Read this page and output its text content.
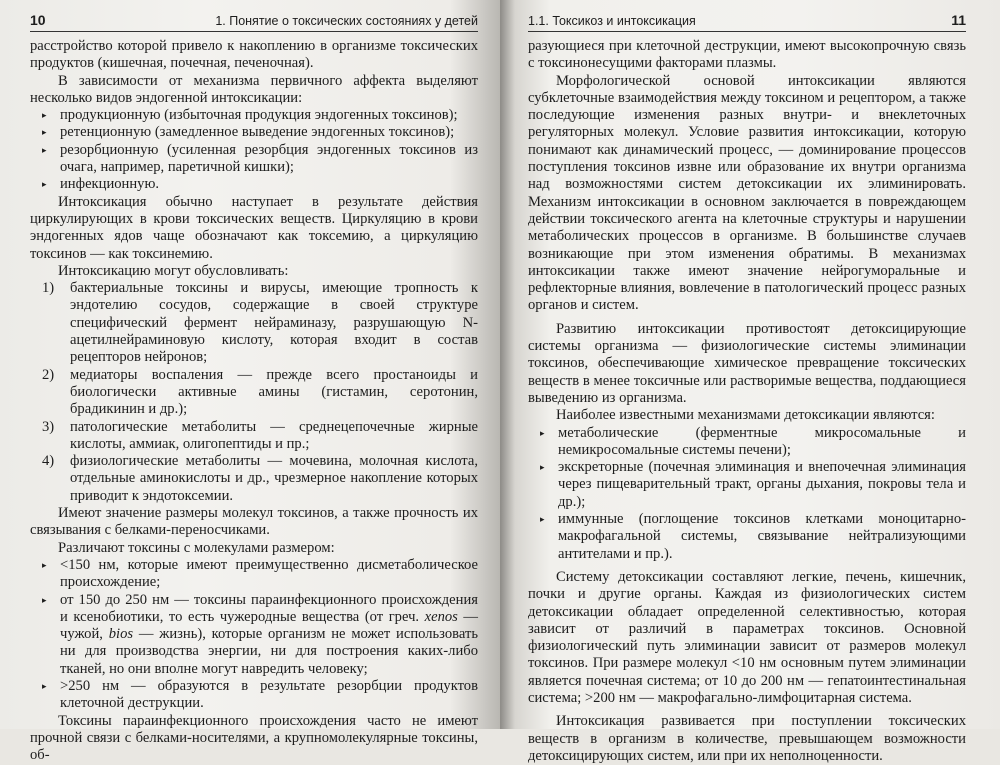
10	1. Понятие о токсических состояниях у детей

расстройство которой привело к накоплению в организме токсических продуктов (кишечная, почечная, печеночная).

В зависимости от механизма первичного аффекта выделяют несколько видов эндогенной интоксикации:

▸ продукционную (избыточная продукция эндогенных токсинов);
▸ ретенционную (замедленное выведение эндогенных токсинов);
▸ резорбционную (усиленная резорбция эндогенных токсинов из очага, например, паретичной кишки);
▸ инфекционную.

Интоксикация обычно наступает в результате действия циркулирующих в крови токсических веществ. Циркуляцию в крови эндогенных ядов чаще обозначают как токсемию, а циркуляцию токсинов — как токсинемию.

Интоксикацию могут обусловливать:

1) бактериальные токсины и вирусы, имеющие тропность к эндотелию сосудов, содержащие в своей структуре специфический фермент нейраминазу, разрушающую N-ацетилнейраминовую кислоту, которая входит в состав рецепторов нейронов;
2) медиаторы воспаления — прежде всего простаноиды и биологически активные амины (гистамин, серотонин, брадикинин и др.);
3) патологические метаболиты — среднецепочечные жирные кислоты, аммиак, олигопептиды и пр.;
4) физиологические метаболиты — мочевина, молочная кислота, отдельные аминокислоты и др., чрезмерное накопление которых приводит к эндотоксемии.

Имеют значение размеры молекул токсинов, а также прочность их связывания с белками-переносчиками.

Различают токсины с молекулами размером:

▸ <150 нм, которые имеют преимущественно дисметаболическое происхождение;
▸ от 150 до 250 нм — токсины параинфекционного происхождения и ксенобиотики, то есть чужеродные вещества (от греч. xenos — чужой, bios — жизнь), которые организм не может использовать ни для производства энергии, ни для построения каких-либо тканей, но они вполне могут навредить человеку;
▸ >250 нм — образуются в результате резорбции продуктов клеточной деструкции.

Токсины параинфекционного происхождения часто не имеют прочной связи с белками-носителями, а крупномолекулярные токсины, об-

1.1. Токсикоз и интоксикация	11

разующиеся при клеточной деструкции, имеют высокопрочную связь с токсинонесущими факторами плазмы.

Морфологической основой интоксикации являются субклеточные взаимодействия между токсином и рецептором, а также последующие изменения разных внутри- и внеклеточных регуляторных молекул. Условие развития интоксикации, которую понимают как динамический процесс, — доминирование процессов поступления токсинов извне или образование их внутри организма над возможностями систем детоксикации их элиминировать. Механизм интоксикации в основном заключается в повреждающем действии токсического агента на клеточные структуры и нарушении метаболических процессов в организме. В большинстве случаев возникающие при этом изменения обратимы. В механизмах интоксикации также имеют значение нейрогуморальные и рефлекторные влияния, вовлечение в патологический процесс разных органов и систем.

Развитию интоксикации противостоят детоксицирующие системы организма — физиологические системы элиминации токсинов, обеспечивающие химическое превращение токсических веществ в менее токсичные или растворимые вещества, поддающиеся выведению из организма.

Наиболее известными механизмами детоксикации являются:

▸ метаболические (ферментные микросомальные и немикросомальные системы печени);
▸ экскреторные (почечная элиминация и внепочечная элиминация через пищеварительный тракт, органы дыхания, покровы тела и др.);
▸ иммунные (поглощение токсинов клетками моноцитарно-макрофагальной системы, связывание нейтрализующими антителами и пр.).

Систему детоксикации составляют легкие, печень, кишечник, почки и другие органы. Каждая из физиологических систем детоксикации обладает определенной селективностью, которая зависит от различий в параметрах токсинов. Основной физиологический путь элиминации зависит от размеров молекул токсинов. При размере молекул <10 нм основным путем элиминации является почечная система; от 10 до 200 нм — гепатоинтестинальная система; >200 нм — макрофагально-лимфоцитарная система.

Интоксикация развивается при поступлении токсических веществ в организм в количестве, превышающем возможности детоксицирующих систем, или при их неполноценности.
